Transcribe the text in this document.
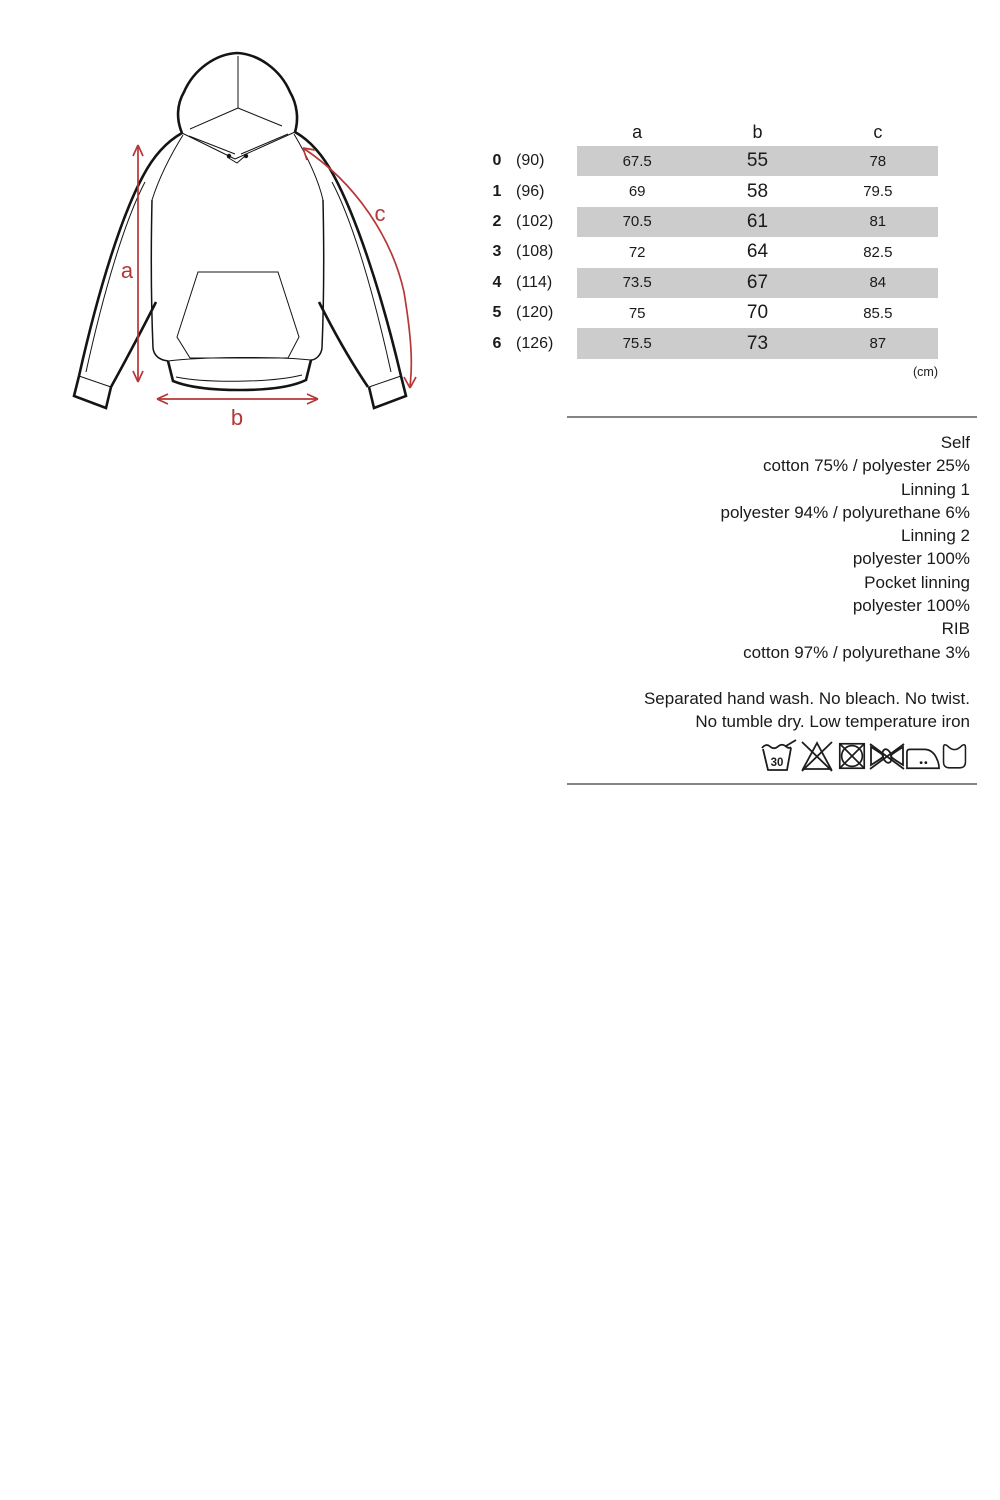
a
b
c
a	b	c
0 (90)	67.5	55	78
1 (96)	69	58	79.5
2 (102)	70.5	61	81
3 (108)	72	64	82.5
4 (114)	73.5	67	84
5 (120)	75	70	85.5
6 (126)	75.5	73	87
(cm)
Self
cotton 75% / polyester 25%
Linning 1
polyester 94% / polyurethane 6%
Linning 2
polyester 100%
Pocket linning
polyester 100%
RIB
cotton 97% / polyurethane 3%
Separated hand wash. No bleach. No twist.
No tumble dry. Low temperature iron
30
